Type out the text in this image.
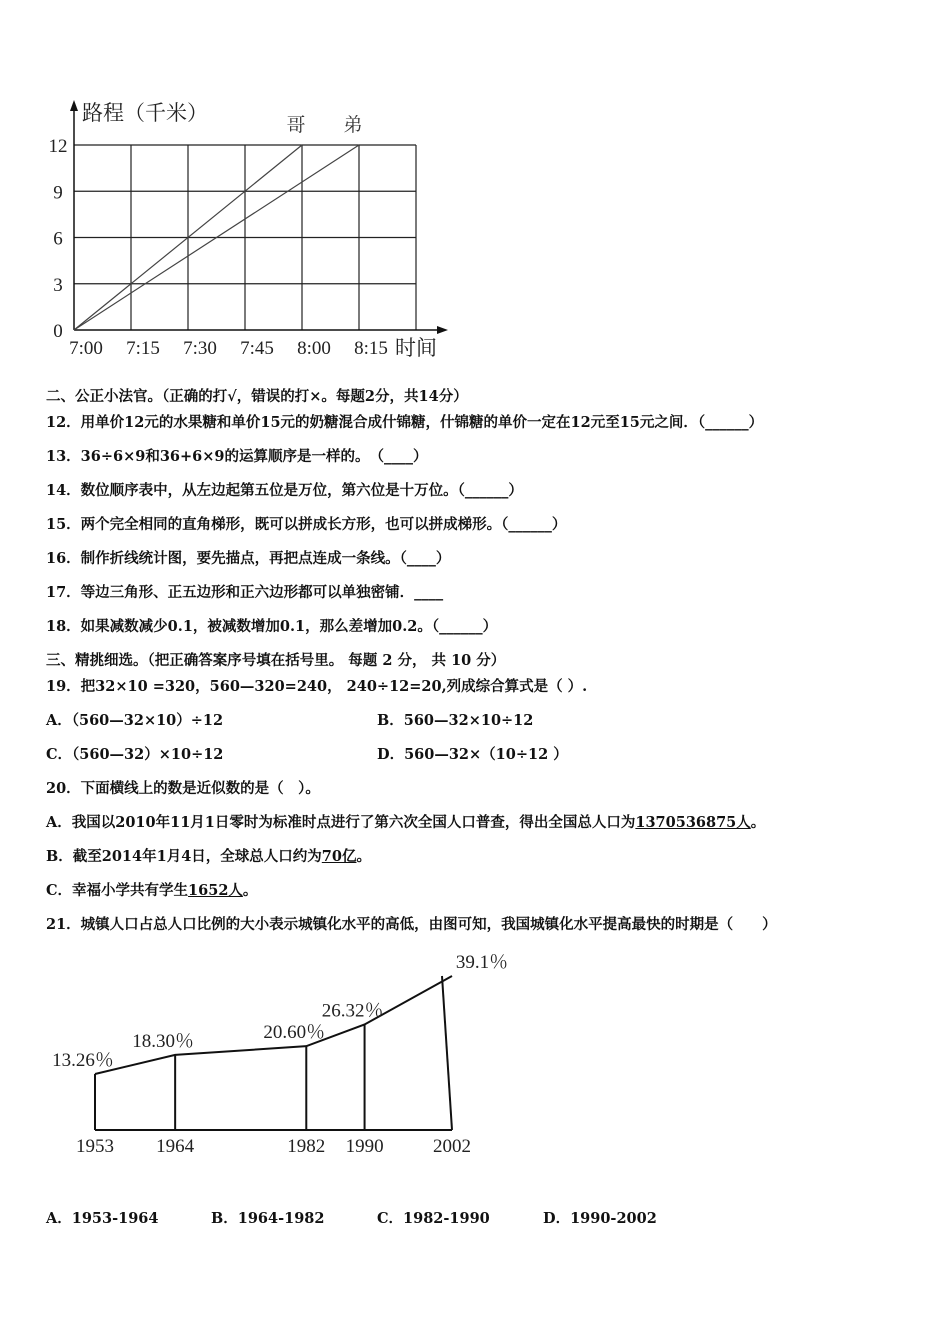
哥 弟
0
3
6
9
12
7:00 7:15 7:30 7:45 8:00 8:15
路程（千米）
时间
二、公正小法官。（正确的打√，错误的打×。每题2分，共14分）
12．用单价12元的水果糖和单价15元的奶糖混合成什锦糖，什锦糖的单价一定在12元至15元之间．（______）
13．36÷6×9和36+6×9的运算顺序是一样的。　（____）
14．数位顺序表中，从左边起第五位是万位，第六位是十万位。（______）
15．两个完全相同的直角梯形，既可以拼成长方形，也可以拼成梯形。（______）
16．制作折线统计图，要先描点，再把点连成一条线。（____）
17．等边三角形、正五边形和正六边形都可以单独密铺．____
18．如果减数减少0.1，被减数增加0.1，那么差增加0.2。（______）
三、精挑细选。（把正确答案序号填在括号里。 每题 2 分， 共 10 分）
19．把32×10 =320，560—320=240， 240÷12=20,列成综合算式是（ ）.
A．（560—32×10）÷12	B．560—32×10÷12
C．（560—32）×10÷12	D．560—32×（10÷12 ）
20．下面横线上的数是近似数的是（　）。
A．我国以2010年11月1日零时为标准时点进行了第六次全国人口普查，得出全国总人口为1370536875人。
B．截至2014年1月4日，全球总人口约为70亿。
C．幸福小学共有学生1652人。
21．城镇人口占总人口比例的大小表示城镇化水平的高低，由图可知，我国城镇化水平提高最快的时期是（　　）
13.26％
18.30％	20.60％
26.32％
39.1％
1953 1964	1982 1990	2002
A．1953-1964	B．1964-1982	C．1982-1990	D．1990-2002
